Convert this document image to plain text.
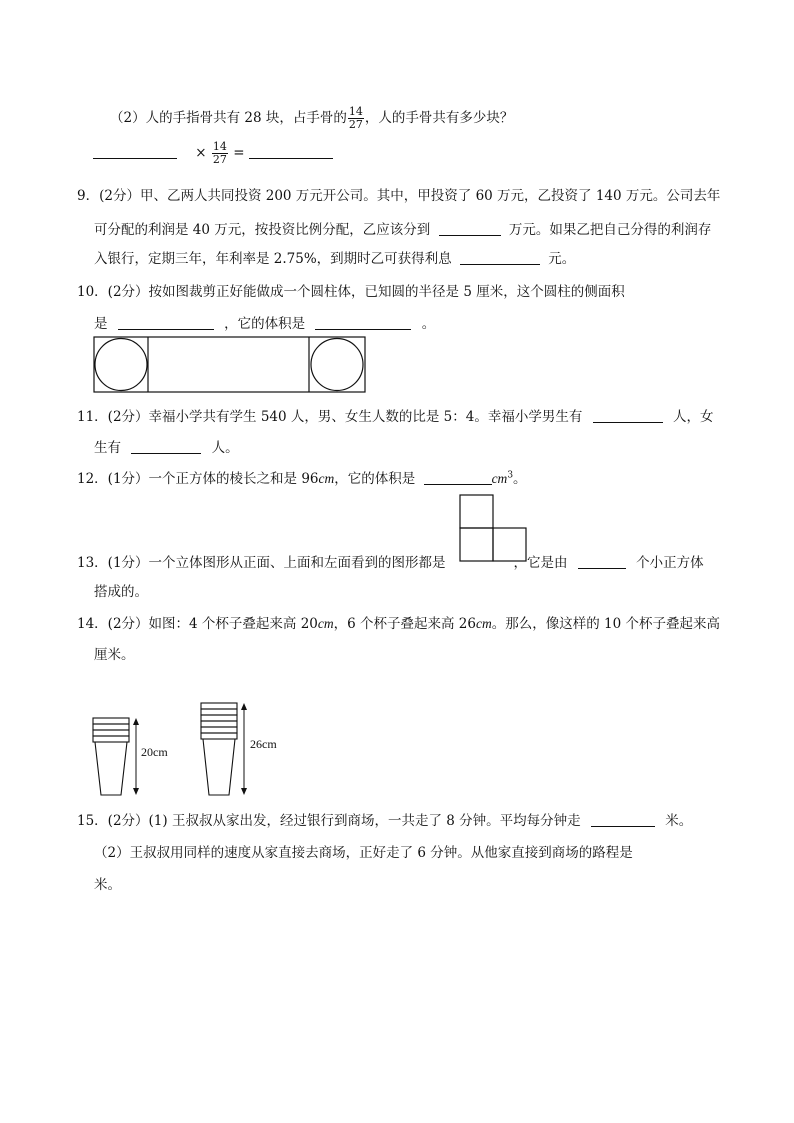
（2）人的手指骨共有 28 块，占手骨的 $\frac{14}{27}$ ，人的手骨共有多少块？
× $\frac{14}{27}$ =
9．(2分）甲、乙两人共同投资 200 万元开公司。其中，甲投资了 60 万元，乙投资了 140 万元。公司去年
可分配的利润是 40 万元，按投资比例分配，乙应该分到	万元。如果乙把自己分得的利润存
入银行，定期三年，年利率是 2.75%，到期时乙可获得利息	元。
10．(2分）按如图裁剪正好能做成一个圆柱体，已知圆的半径是 5 厘米，这个圆柱的侧面积
是	，它的体积是	。
11．(2分）幸福小学共有学生 540 人，男、女生人数的比是 5：4。幸福小学男生有	人，女
生有	人。
12．(1分）一个正方体的棱长之和是 96cm，它的体积是	$cm^3$。
13．(1分）一个立体图形从正面、上面和左面看到的图形都是	，它是由	个小正方体
搭成的。
14．(2分）如图：4 个杯子叠起来高 20cm，6 个杯子叠起来高 26cm。那么，像这样的 10 个杯子叠起来高
厘米。
20cm
26cm
15．(2分）(1) 王叔叔从家出发，经过银行到商场，一共走了 8 分钟。平均每分钟走	米。
（2）王叔叔用同样的速度从家直接去商场，正好走了 6 分钟。从他家直接到商场的路程是
米。
